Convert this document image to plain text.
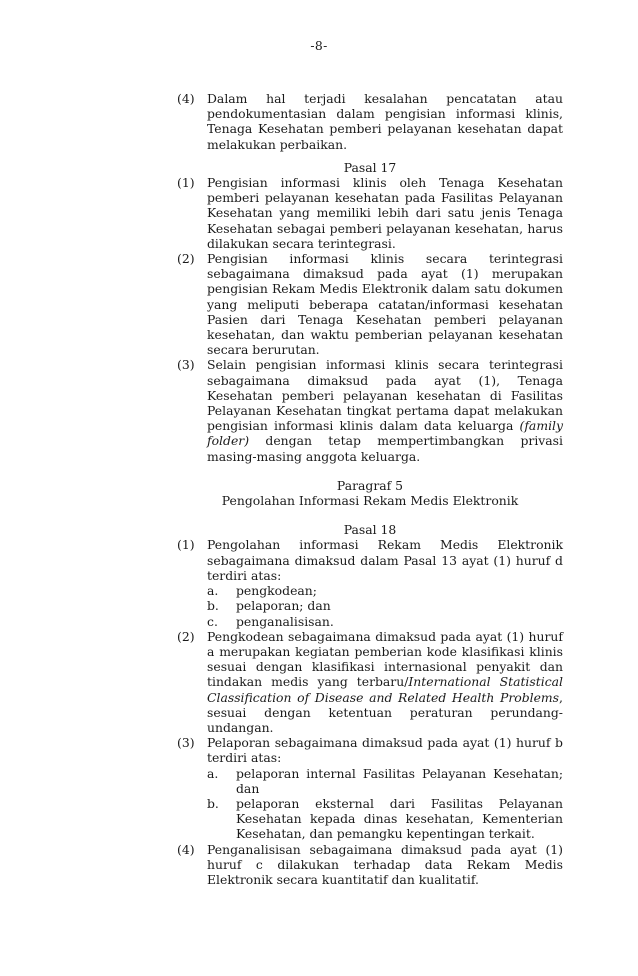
-8-
(4)	Dalam hal terjadi kesalahan pencatatan atau pendokumentasian dalam pengisian informasi klinis, Tenaga Kesehatan pemberi pelayanan kesehatan dapat melakukan perbaikan.
Pasal 17
(1)	Pengisian informasi klinis oleh Tenaga Kesehatan pemberi pelayanan kesehatan pada Fasilitas Pelayanan Kesehatan yang memiliki lebih dari satu jenis Tenaga Kesehatan sebagai pemberi pelayanan kesehatan, harus dilakukan secara terintegrasi.
(2)	Pengisian informasi klinis secara terintegrasi sebagaimana dimaksud pada ayat (1) merupakan pengisian Rekam Medis Elektronik dalam satu dokumen yang meliputi beberapa catatan/informasi kesehatan Pasien dari Tenaga Kesehatan pemberi pelayanan kesehatan, dan waktu pemberian pelayanan kesehatan secara berurutan.
(3)	Selain pengisian informasi klinis secara terintegrasi sebagaimana dimaksud pada ayat (1), Tenaga Kesehatan pemberi pelayanan kesehatan di Fasilitas Pelayanan Kesehatan tingkat pertama dapat melakukan pengisian informasi klinis dalam data keluarga (family folder) dengan tetap mempertimbangkan privasi masing-masing anggota keluarga.
Paragraf 5
Pengolahan Informasi Rekam Medis Elektronik
Pasal 18
(1)	Pengolahan informasi Rekam Medis Elektronik sebagaimana dimaksud dalam Pasal 13 ayat (1) huruf d terdiri atas:

a.	pengkodean;
b.	pelaporan; dan
c.	penganalisisan.
(2)	Pengkodean sebagaimana dimaksud pada ayat (1) huruf a merupakan kegiatan pemberian kode klasifikasi klinis sesuai dengan klasifikasi internasional penyakit dan tindakan medis yang terbaru/International Statistical Classification of Disease and Related Health Problems, sesuai dengan ketentuan peraturan perundang-undangan.
(3)	Pelaporan sebagaimana dimaksud pada ayat (1) huruf b terdiri atas:

a.	pelaporan internal Fasilitas Pelayanan Kesehatan; dan
b.	pelaporan eksternal dari Fasilitas Pelayanan Kesehatan kepada dinas kesehatan, Kementerian Kesehatan, dan pemangku kepentingan terkait.
(4)	Penganalisisan sebagaimana dimaksud pada ayat (1) huruf c dilakukan terhadap data Rekam Medis Elektronik secara kuantitatif dan kualitatif.
